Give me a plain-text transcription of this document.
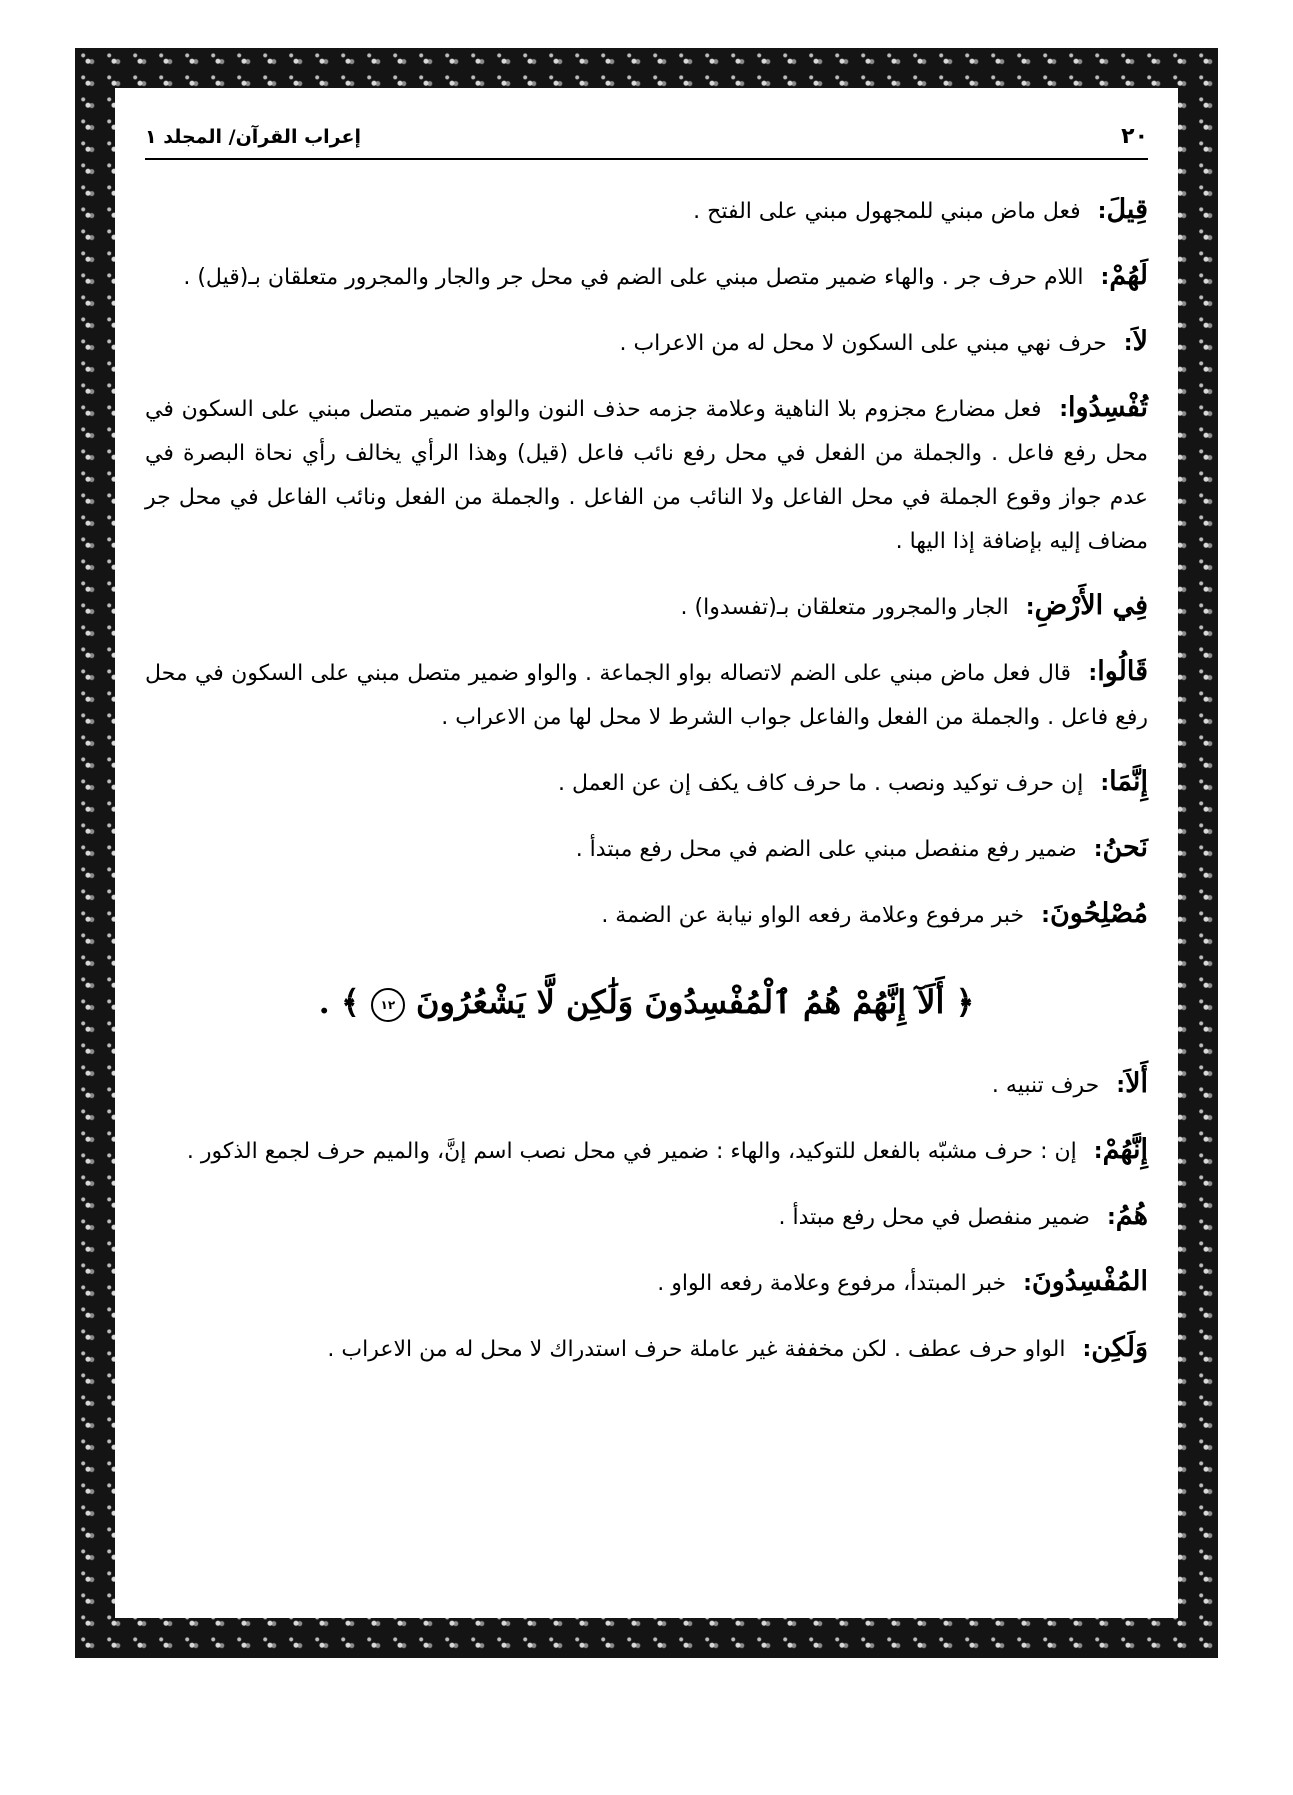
إعراب القرآن/ المجلد ١	٢٠
قِيلَ: فعل ماض مبني للمجهول مبني على الفتح .
لَهُمْ: اللام حرف جر . والهاء ضمير متصل مبني على الضم في محل جر والجار والمجرور متعلقان بـ(قيل) .
لاَ: حرف نهي مبني على السكون لا محل له من الاعراب .
تُفْسِدُوا: فعل مضارع مجزوم بلا الناهية وعلامة جزمه حذف النون والواو ضمير متصل مبني على السكون في محل رفع فاعل . والجملة من الفعل في محل رفع نائب فاعل (قيل) وهذا الرأي يخالف رأي نحاة البصرة في عدم جواز وقوع الجملة في محل الفاعل ولا النائب من الفاعل . والجملة من الفعل ونائب الفاعل في محل جر مضاف إليه بإضافة إذا اليها .
فِي الأَرْضِ: الجار والمجرور متعلقان بـ(تفسدوا) .
قَالُوا: قال فعل ماض مبني على الضم لاتصاله بواو الجماعة . والواو ضمير متصل مبني على السكون في محل رفع فاعل . والجملة من الفعل والفاعل جواب الشرط لا محل لها من الاعراب .
إِنَّمَا: إن حرف توكيد ونصب . ما حرف كاف يكف إن عن العمل .
نَحنُ: ضمير رفع منفصل مبني على الضم في محل رفع مبتدأ .
مُصْلِحُونَ: خبر مرفوع وعلامة رفعه الواو نيابة عن الضمة .
﴿ أَلَآ إِنَّهُمْ هُمُ ٱلْمُفْسِدُونَ وَلَٰكِن لَّا يَشْعُرُونَ ١٢ ﴾ .
أَلاَ: حرف تنبيه .
إِنَّهُمْ: إن : حرف مشبّه بالفعل للتوكيد، والهاء : ضمير في محل نصب اسم إنَّ، والميم حرف لجمع الذكور .
هُمُ: ضمير منفصل في محل رفع مبتدأ .
المُفْسِدُونَ: خبر المبتدأ، مرفوع وعلامة رفعه الواو .
وَلَكِن: الواو حرف عطف . لكن مخففة غير عاملة حرف استدراك لا محل له من الاعراب .
